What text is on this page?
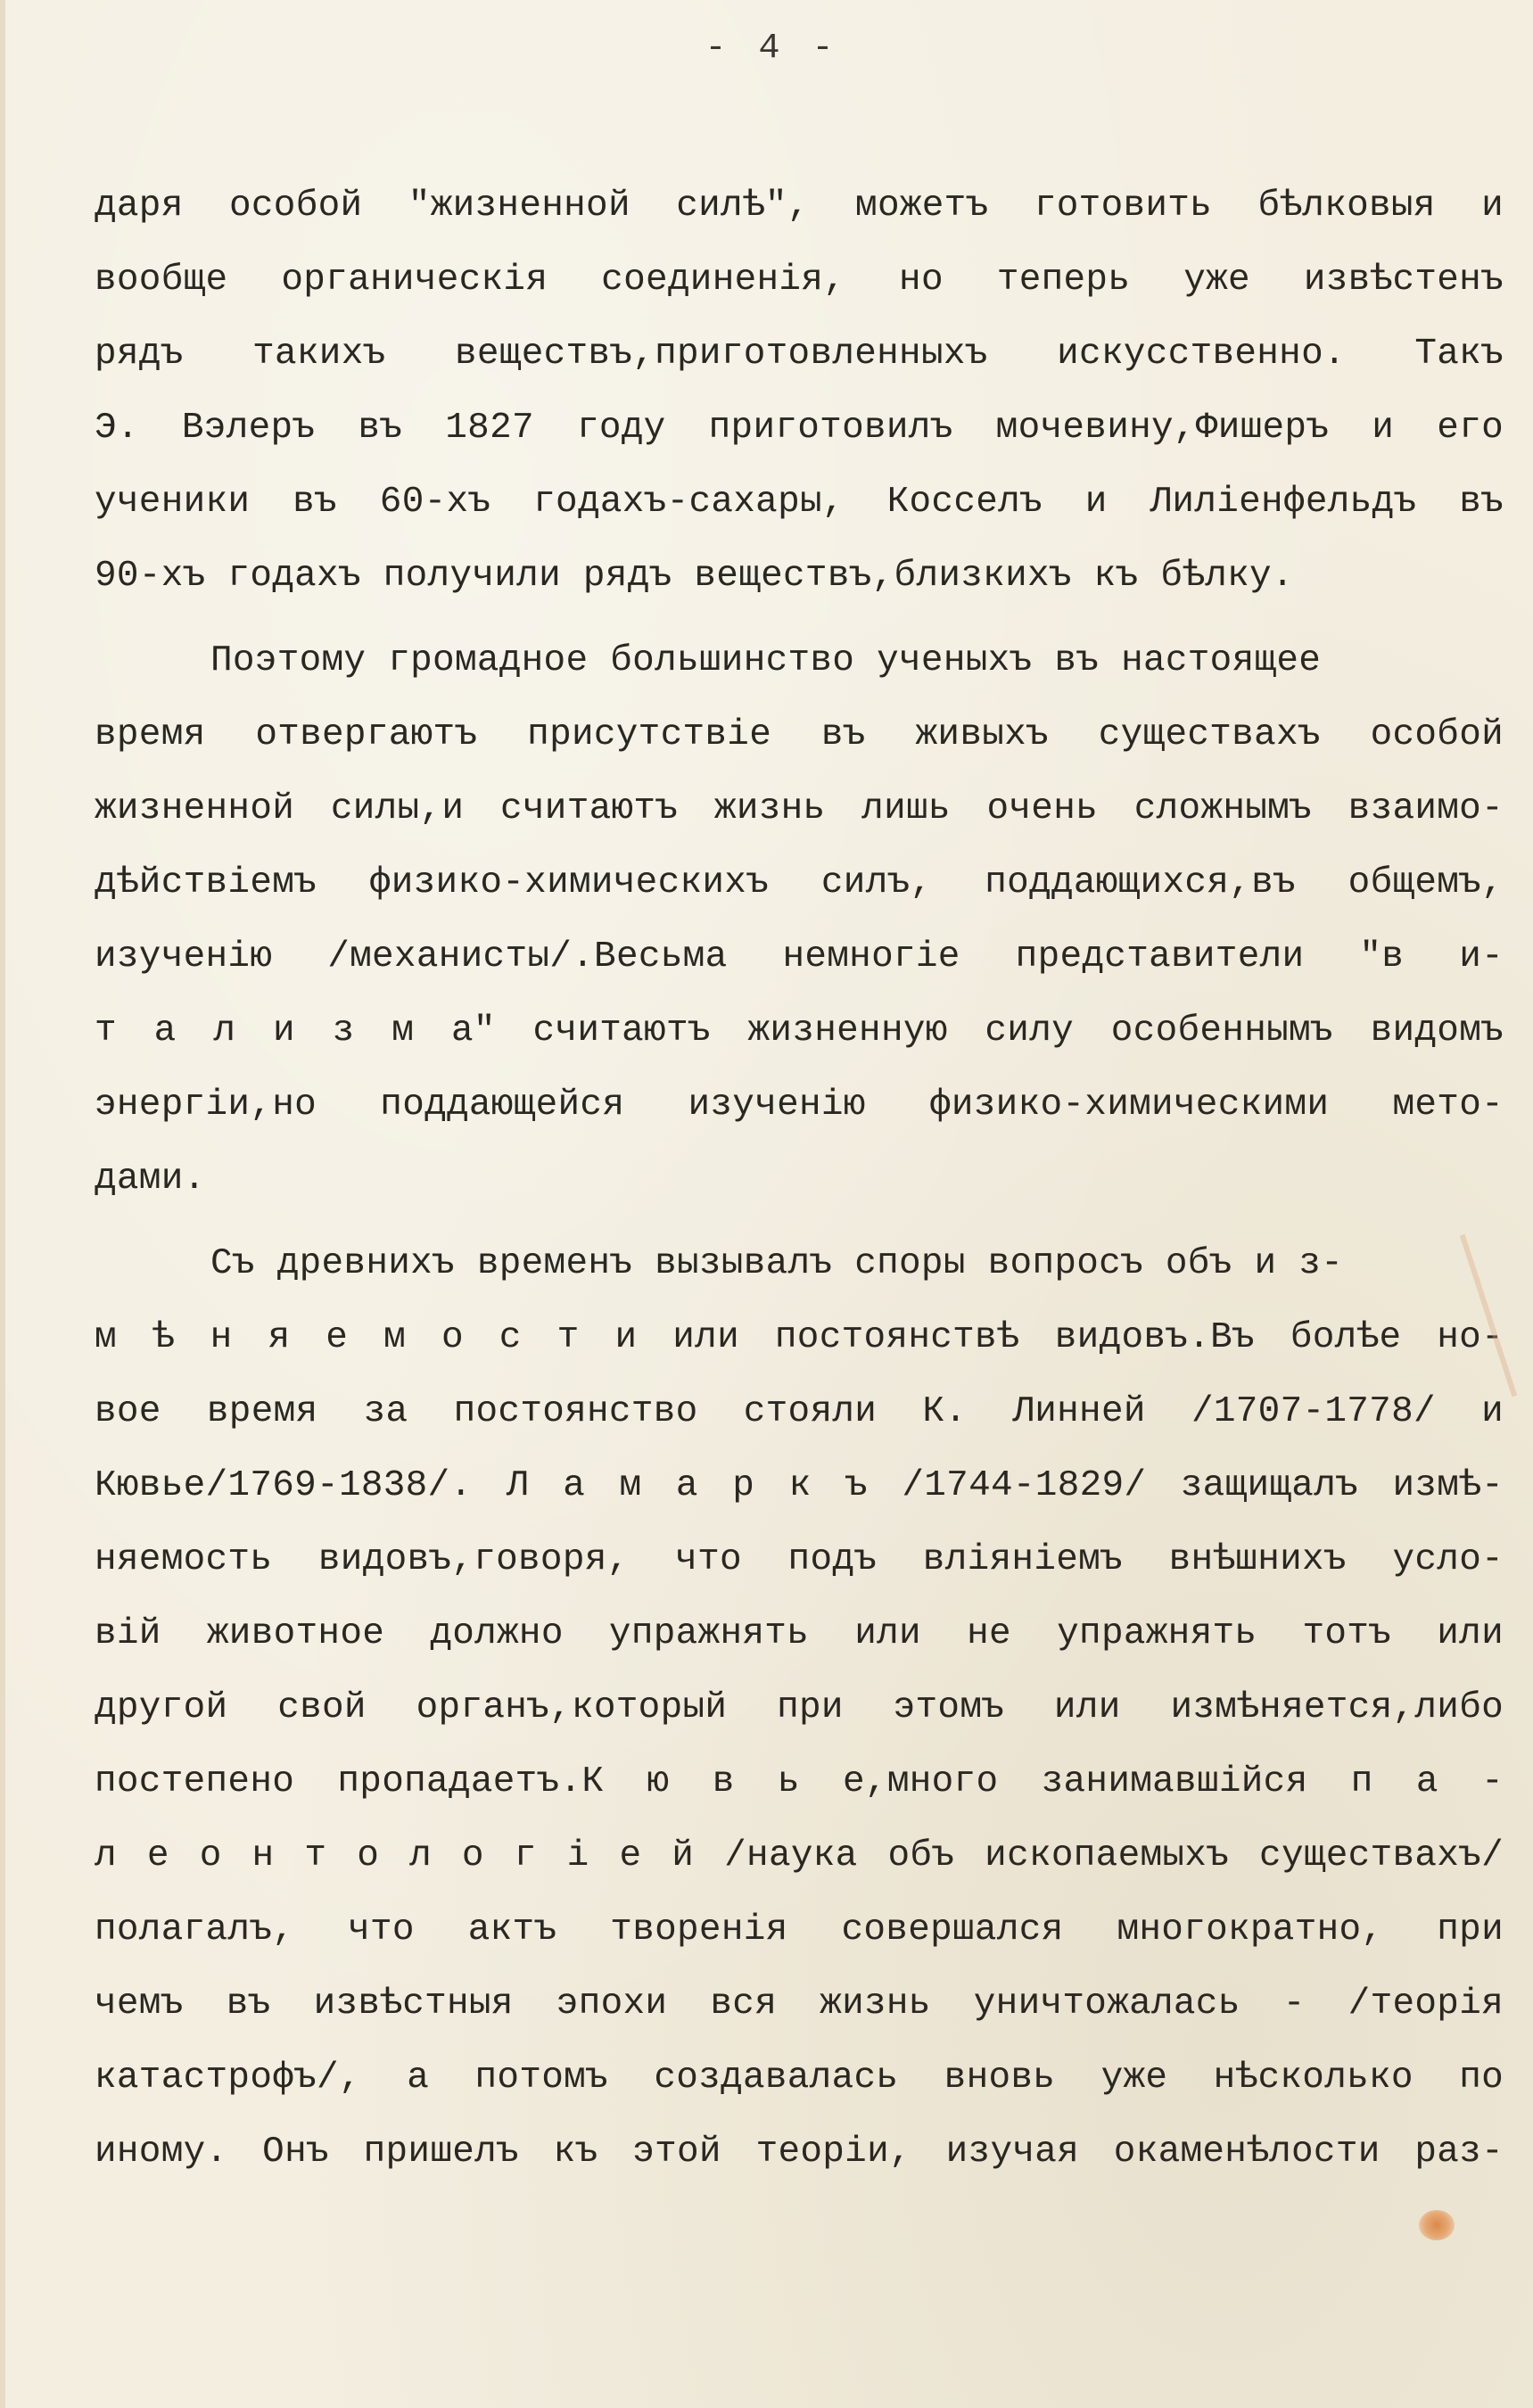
- 4 -
даря особой "жизненной силѣ", можетъ готовить бѣлковыя и
вообще органическія соединенія, но теперь уже извѣстенъ
рядъ такихъ веществъ,приготовленныхъ искусственно. Такъ
Э. Вэлеръ въ 1827 году приготовилъ мочевину,Фишеръ и его
ученики въ 60-хъ годахъ-сахары, Косселъ и Лилiенфельдъ въ
90-хъ годахъ получили рядъ веществъ,близкихъ къ бѣлку.
Поэтому громадное большинство ученыхъ въ настоящее
время отвергаютъ присутствiе въ живыхъ существахъ особой
жизненной силы,и считаютъ жизнь лишь очень сложнымъ взаимо-
дѣйствiемъ физико-химическихъ силъ, поддающихся,въ общемъ,
изученiю /механисты/.Весьма немногiе представители "в и-
т а л и з м а" считаютъ жизненную силу особеннымъ видомъ
энергiи,но поддающейся изученiю физико-химическими мето-
дами.
Съ древнихъ временъ вызывалъ споры вопросъ объ и з-
м ѣ н я е м о с т и или постоянствѣ видовъ.Въ болѣе но-
вое время за постоянство стояли К. Линней /1707-1778/ и
Кювье/1769-1838/. Л а м а р к ъ /1744-1829/ защищалъ измѣ-
няемость видовъ,говоря, что подъ влiянiемъ внѣшнихъ усло-
вiй животное должно упражнять или не упражнять тотъ или
другой свой органъ,который при этомъ или измѣняется,либо
постепено пропадаетъ.К ю в ь е,много занимавшiйся п а -
л е о н т о л о г i е й /наука объ ископаемыхъ существахъ/
полагалъ, что актъ творенія совершался многократно, при
чемъ въ извѣстныя эпохи вся жизнь уничтожалась - /теорія
катастрофъ/, а потомъ создавалась вновь уже нѣсколько по
иному. Онъ пришелъ къ этой теорiи, изучая окаменѣлости раз-
